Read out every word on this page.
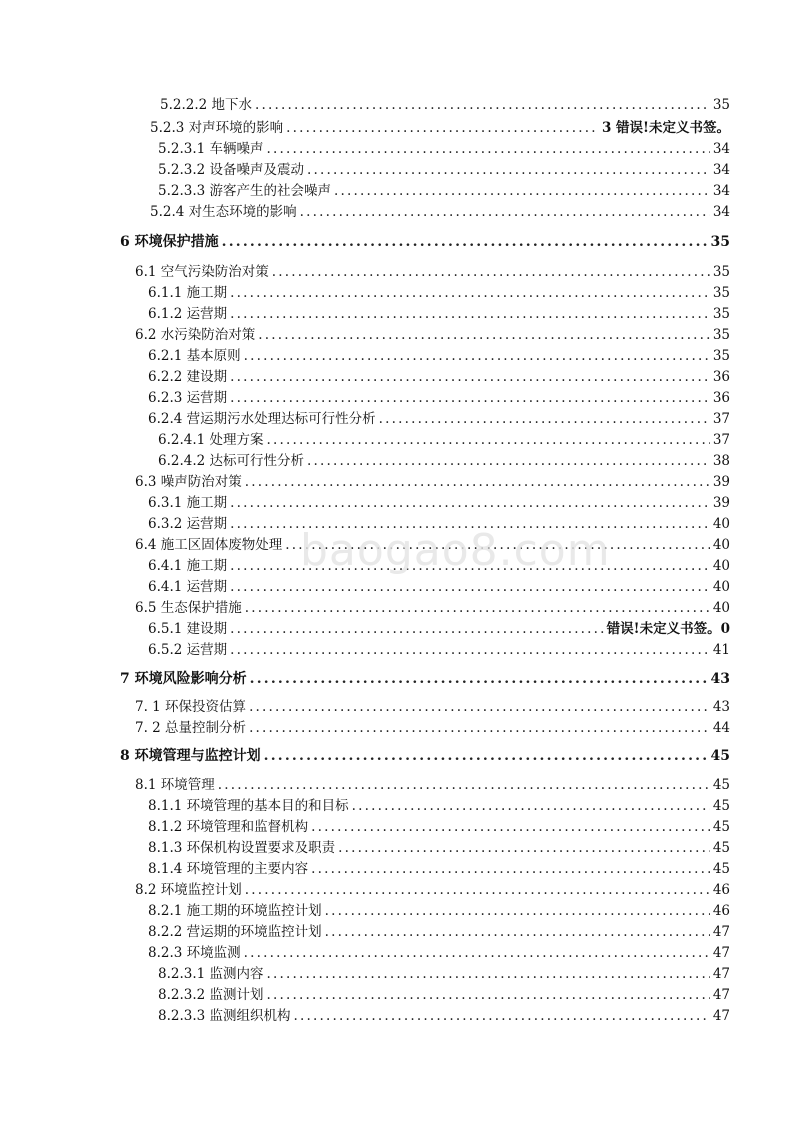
5.2.2.2 地下水 .....	35
5.2.3 对声环境的影响 .....	3 错误!未定义书签。
5.2.3.1 车辆噪声 .....	34
5.2.3.2 设备噪声及震动 .....	34
5.2.3.3 游客产生的社会噪声 .....	34
5.2.4 对生态环境的影响 .....	34
6 环境保护措施 .....	35
6.1 空气污染防治对策 .....	35
6.1.1 施工期 .....	35
6.1.2 运营期 .....	35
6.2 水污染防治对策 .....	35
6.2.1 基本原则 .....	35
6.2.2 建设期 .....	36
6.2.3 运营期 .....	36
6.2.4 营运期污水处理达标可行性分析 .....	37
6.2.4.1 处理方案 .....	37
6.2.4.2 达标可行性分析 .....	38
6.3 噪声防治对策 .....	39
6.3.1 施工期 .....	39
6.3.2 运营期 .....	40
6.4 施工区固体废物处理 .....	40
6.4.1 施工期 .....	40
6.4.1 运营期 .....	40
6.5 生态保护措施 .....	40
6.5.1 建设期 .....	错误!未定义书签。0
6.5.2 运营期 .....	41
7 环境风险影响分析 .....	43
7. 1 环保投资估算 .....	43
7. 2 总量控制分析 .....	44
8 环境管理与监控计划 .....	45
8.1 环境管理 .....	45
8.1.1 环境管理的基本目的和目标 .....	45
8.1.2 环境管理和监督机构 .....	45
8.1.3 环保机构设置要求及职责 .....	45
8.1.4 环境管理的主要内容 .....	45
8.2 环境监控计划 .....	46
8.2.1 施工期的环境监控计划 .....	46
8.2.2 营运期的环境监控计划 .....	47
8.2.3 环境监测 .....	47
8.2.3.1 监测内容 .....	47
8.2.3.2 监测计划 .....	47
8.2.3.3 监测组织机构 .....	47
baogao8.com
